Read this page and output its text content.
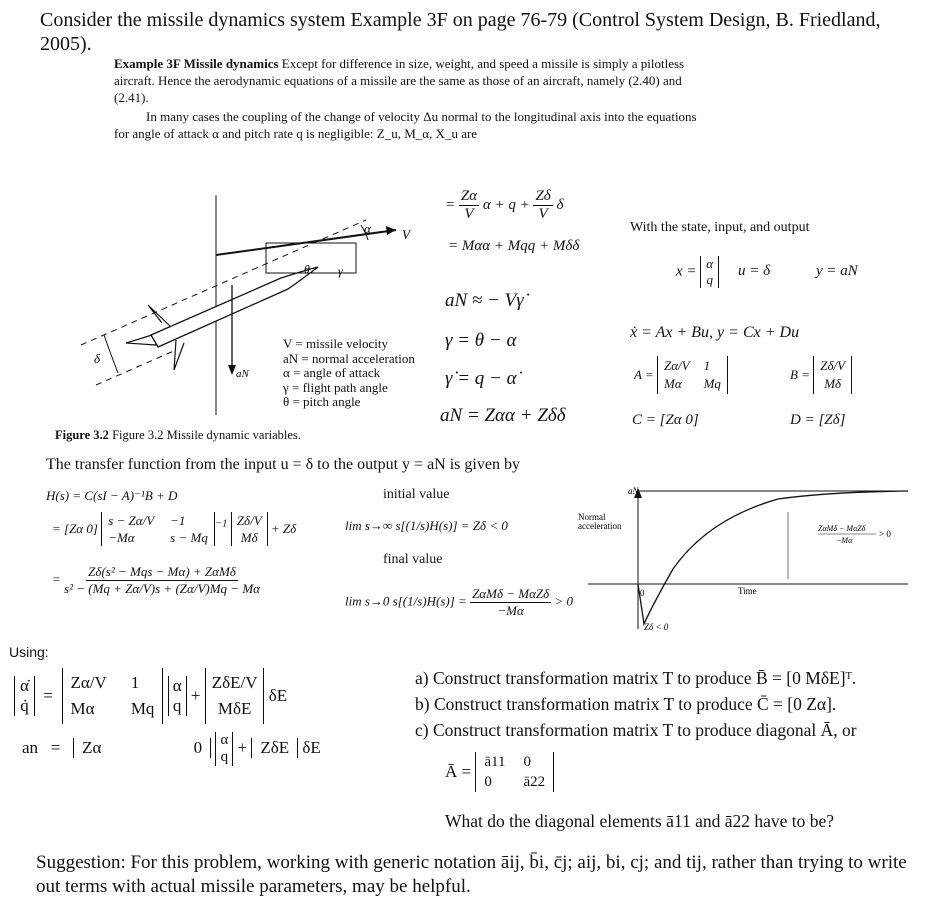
Consider the missile dynamics system Example 3F on page 76-79 (Control System Design, B. Friedland, 2005).
Example 3F Missile dynamics Except for difference in size, weight, and speed a missile is simply a pilotless aircraft. Hence the aerodynamic equations of a missile are the same as those of an aircraft, namely (2.40) and (2.41).
In many cases the coupling of the change of velocity Δu normal to the longitudinal axis into the equations for angle of attack α and pitch rate q is negligible: Z_u, M_α, X_u are
α
θ γ
V
δ
aN
V = missile velocity
aN = normal acceleration
α = angle of attack
γ = flight path angle
θ = pitch angle
Figure 3.2 Figure 3.2 Missile dynamic variables.
= $\frac{Z\alpha}{V}$ $\alpha + q + \frac{Z\delta}{V}$ δ
= Mαα + Mqq + Mδδ
aN ≈ − Vγ̇
γ = θ − α
γ̇ = q − α̇
aN = Zαα + Zδδ
With the state, input, and output
x = α
q
u = δ	y = aN
ẋ = Ax + Bu, y = Cx + Du
A =
Zα/V 1
Mα	Mq
B =
Zδ/V
Mδ
C = [Zα 0]	D = [Zδ]
The transfer function from the input u = δ to the output y = aN is given by
H(s) = C(sI − A)⁻¹B + D
= [Zα 0]
s − Zα/V −1
−Mα	s − Mq
$^{-1}$ Zδ/V
Mδ
+ Zδ
= $\frac{\text{Zδ(s² − Mqs − Mα) + ZαMδ}}{\text{s² − (Mq + Zα/V)s + (Zα/V)Mq − Mα}}$
initial value
lim s→∞ s[(1/s)H(s)] = Zδ < 0
final value
lim s→0 $s[(1/s)H(s)] = \frac{\text{ZαMδ − MαZδ}}{-M\alpha} > 0$
aN
Normal
acceleration
0	Time
Zδ < 0
ZαMδ − MαZδ
−Mα
> 0
Using:
α̇
q̇
=
Zα/V 1
Mα	Mq

α
q
+
ZδE/V
MδE
δE
an = Zα	0
α
q
+ ZδE δE
a) Construct transformation matrix T to produce B̄ = [0 MδE]ᵀ.
b) Construct transformation matrix T to produce C̄ = [0 Zα].
c) Construct transformation matrix T to produce diagonal Ā, or
Ā = ā11 0
0	ā22
What do the diagonal elements ā11 and ā22 have to be?
Suggestion: For this problem, working with generic notation āij, b̄i, c̄j; aij, bi, cj; and tij, rather than trying to write out terms with actual missile parameters, may be helpful.
